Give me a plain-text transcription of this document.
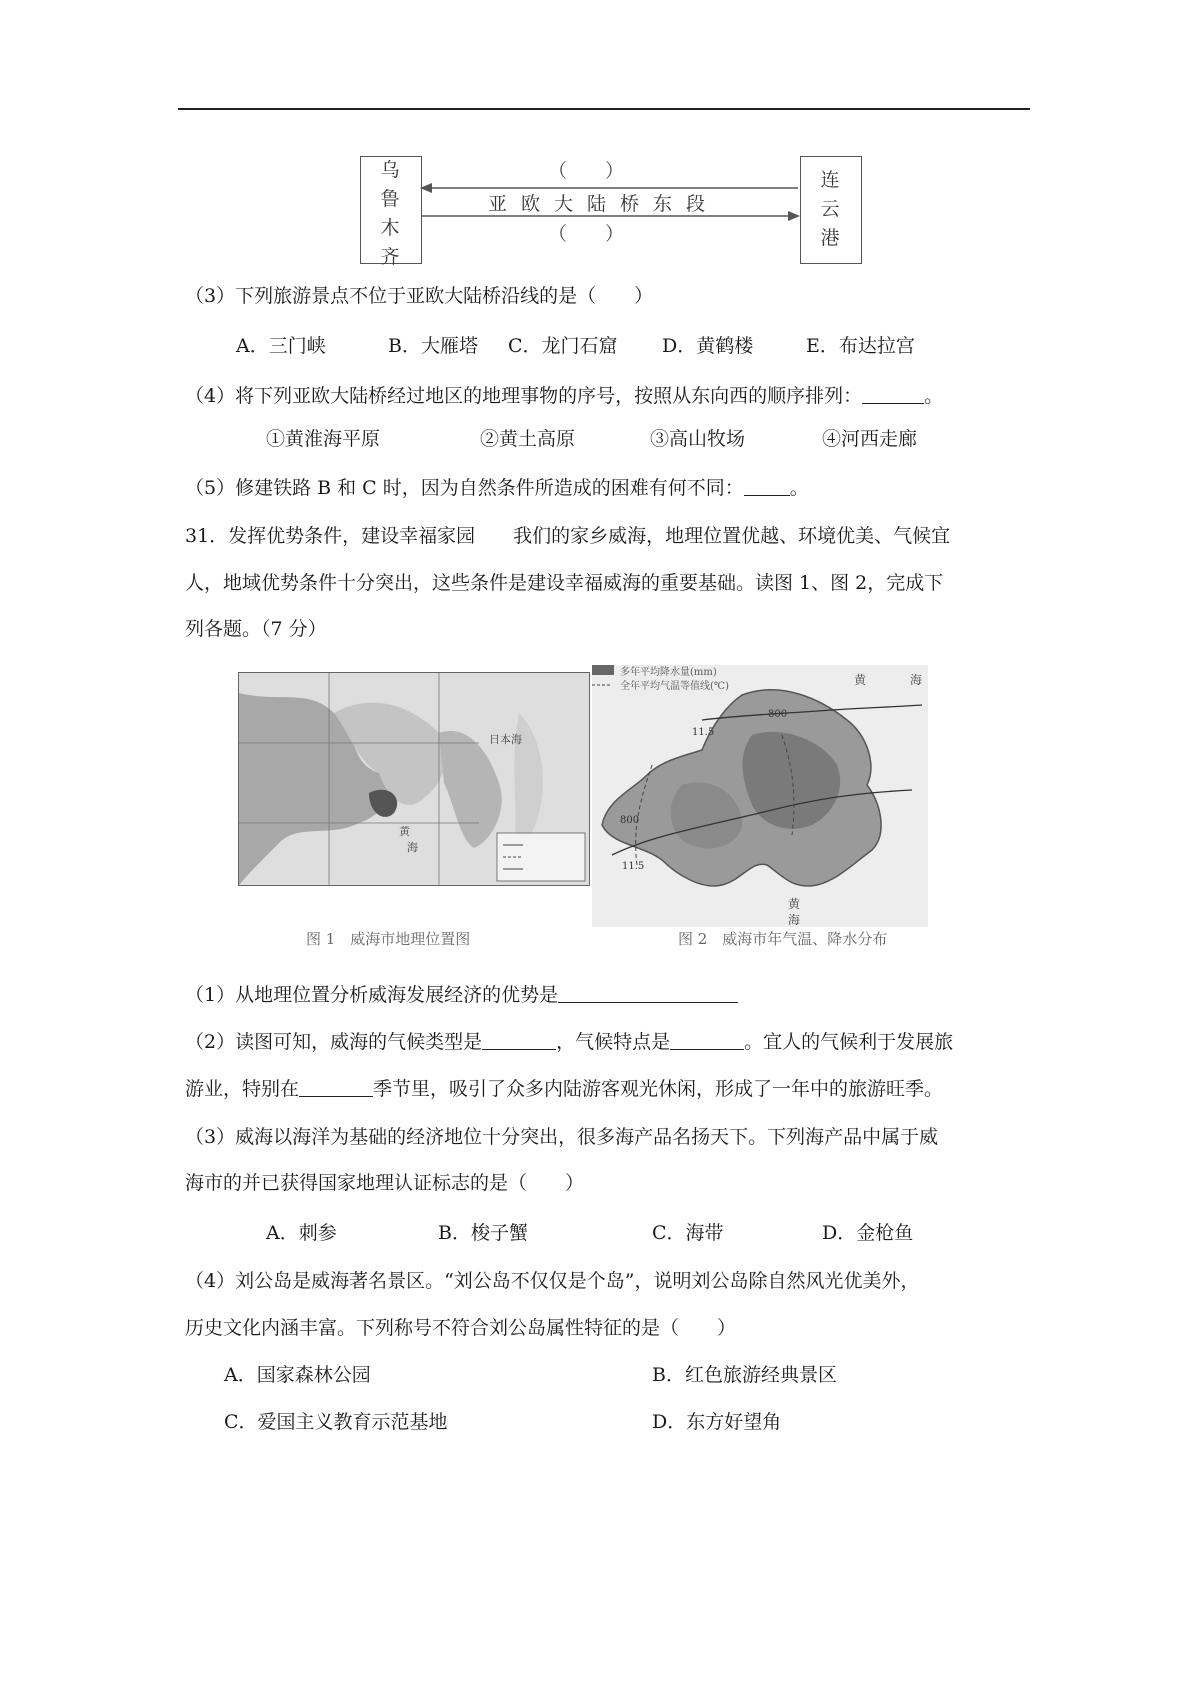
乌
鲁
木
齐
连
云
港
（　　）
亚欧大陆桥东段
（　　）
（3）下列旅游景点不位于亚欧大陆桥沿线的是（　　）
A．三门峡	B．大雁塔 C．龙门石窟 D．黄鹤楼	E．布达拉宫
（4）将下列亚欧大陆桥经过地区的地理事物的序号，按照从东向西的顺序排列：	。
①黄淮海平原	②黄土高原	③高山牧场	④河西走廊
（5）修建铁路 B 和 C 时，因为自然条件所造成的困难有何不同： 。
31．发挥优势条件，建设幸福家园　　我们的家乡威海，地理位置优越、环境优美、气候宜
人，地域优势条件十分突出，这些条件是建设幸福威海的重要基础。读图 1、图 2，完成下
列各题。（7 分）
日本海
黄
海
图 1　威海市地理位置图
多年平均降水量(mm)
全年平均气温等值线(℃)	黄	海
黄
海
800
800
11.5
11.5
图 2　威海市年气温、降水分布
（1）从地理位置分析威海发展经济的优势是
（2）读图可知，威海的气候类型是	，气候特点是	。宜人的气候利于发展旅
游业，特别在	季节里，吸引了众多内陆游客观光休闲，形成了一年中的旅游旺季。
（3）威海以海洋为基础的经济地位十分突出，很多海产品名扬天下。下列海产品中属于威
海市的并已获得国家地理认证标志的是（　　）
A．刺参	B．梭子蟹	C．海带	D．金枪鱼
（4）刘公岛是威海著名景区。“刘公岛不仅仅是个岛”，说明刘公岛除自然风光优美外，
历史文化内涵丰富。下列称号不符合刘公岛属性特征的是（　　）
A．国家森林公园	B．红色旅游经典景区
C．爱国主义教育示范基地	D．东方好望角
